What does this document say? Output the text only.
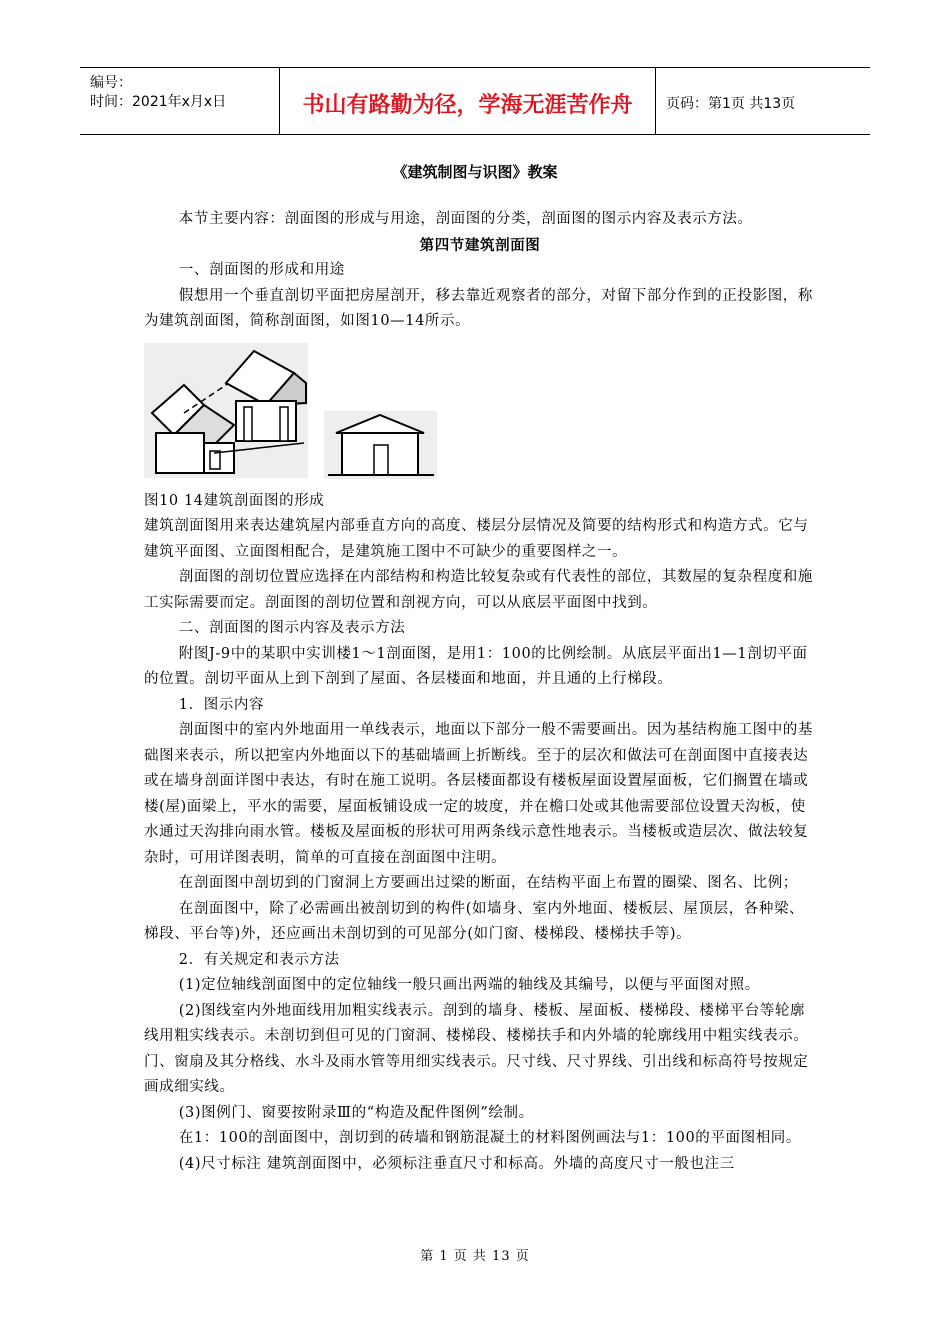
编号：
时间：2021年x月x日	书山有路勤为径，学海无涯苦作舟	页码：第1页 共13页
《建筑制图与识图》教案

本节主要内容：剖面图的形成与用途，剖面图的分类，剖面图的图示内容及表示方法。

第四节建筑剖面图

一、剖面图的形成和用途

假想用一个垂直剖切平面把房屋剖开，移去靠近观察者的部分，对留下部分作到的正投影图，称为建筑剖面图，简称剖面图，如图10—14所示。

图10 14建筑剖面图的形成

建筑剖面图用来表达建筑屋内部垂直方向的高度、楼层分层情况及简要的结构形式和构造方式。它与建筑平面图、立面图相配合，是建筑施工图中不可缺少的重要图样之一。

剖面图的剖切位置应选择在内部结构和构造比较复杂或有代表性的部位，其数屋的复杂程度和施工实际需要而定。剖面图的剖切位置和剖视方向，可以从底层平面图中找到。

二、剖面图的图示内容及表示方法

附图J-9中的某职中实训楼1～1剖面图，是用1：100的比例绘制。从底层平面出1—1剖切平面的位置。剖切平面从上到下剖到了屋面、各层楼面和地面，并且通的上行梯段。

1．图示内容

剖面图中的室内外地面用一单线表示，地面以下部分一般不需要画出。因为基结构施工图中的基础图来表示，所以把室内外地面以下的基础墙画上折断线。至于的层次和做法可在剖面图中直接表达或在墙身剖面详图中表达，有时在施工说明。各层楼面都设有楼板屋面设置屋面板，它们搁置在墙或楼(屋)面梁上，平水的需要，屋面板铺设成一定的坡度，并在檐口处或其他需要部位设置天沟板，使水通过天沟排向雨水管。楼板及屋面板的形状可用两条线示意性地表示。当楼板或造层次、做法较复杂时，可用详图表明，简单的可直接在剖面图中注明。

在剖面图中剖切到的门窗洞上方要画出过梁的断面，在结构平面上布置的圈梁、图名、比例；

在剖面图中，除了必需画出被剖切到的构件(如墙身、室内外地面、楼板层、屋顶层，各种梁、梯段、平台等)外，还应画出未剖切到的可见部分(如门窗、楼梯段、楼梯扶手等)。

2．有关规定和表示方法

(1)定位轴线剖面图中的定位轴线一般只画出两端的轴线及其编号，以便与平面图对照。

(2)图线室内外地面线用加粗实线表示。剖到的墙身、楼板、屋面板、楼梯段、楼梯平台等轮廓线用粗实线表示。未剖切到但可见的门窗洞、楼梯段、楼梯扶手和内外墙的轮廓线用中粗实线表示。门、窗扇及其分格线、水斗及雨水管等用细实线表示。尺寸线、尺寸界线、引出线和标高符号按规定画成细实线。

(3)图例门、窗要按附录Ⅲ的“构造及配件图例”绘制。

在1：100的剖面图中，剖切到的砖墙和钢筋混凝土的材料图例画法与1：100的平面图相同。

(4)尺寸标注 建筑剖面图中，必须标注垂直尺寸和标高。外墙的高度尺寸一般也注三

第 1 页 共 13 页
